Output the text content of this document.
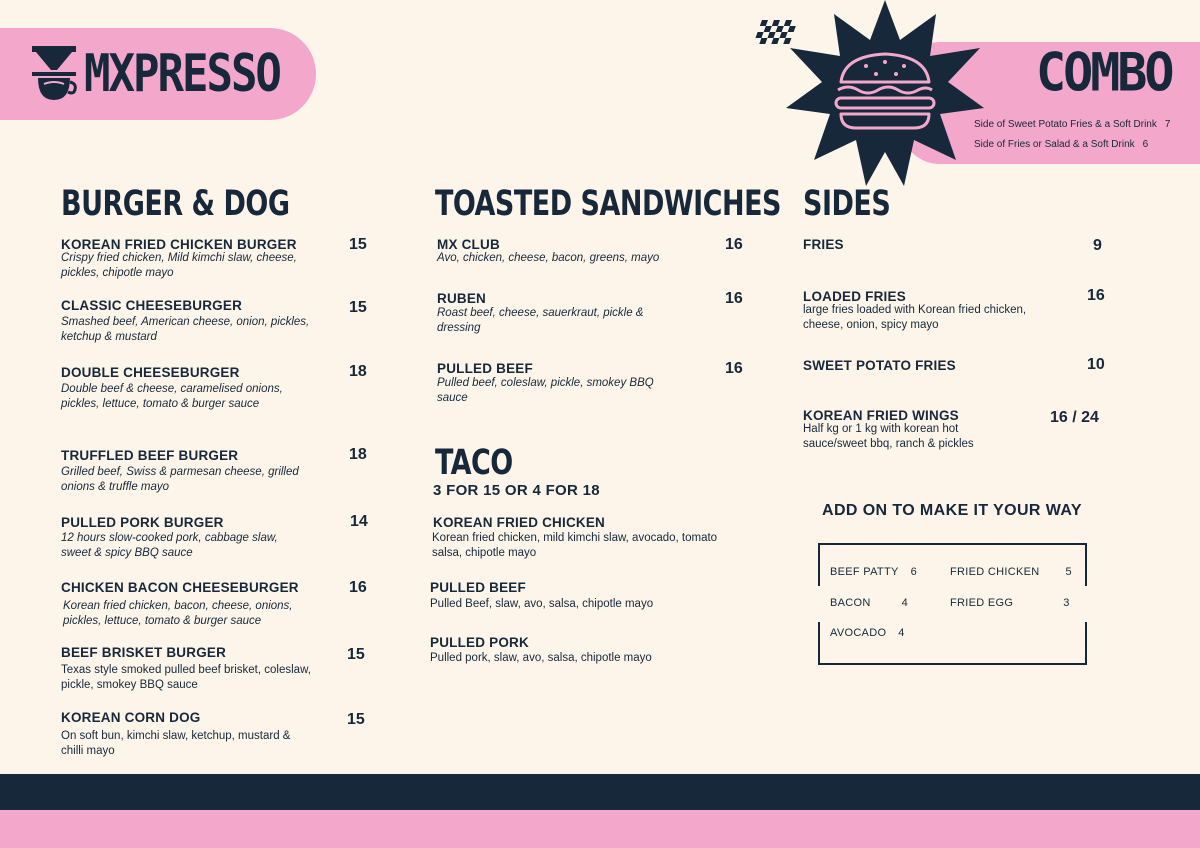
MXPRESSO	COMBO
Side of Sweet Potato Fries & a Soft Drink 7
Side of Fries or Salad & a Soft Drink 6
BURGER & DOG
KOREAN FRIED CHICKEN BURGER	15
Crispy fried chicken, Mild kimchi slaw, cheese, pickles, chipotle mayo
CLASSIC CHEESEBURGER	15
Smashed beef, American cheese, onion, pickles, ketchup & mustard
DOUBLE CHEESEBURGER	18
Double beef & cheese, caramelised onions, pickles, lettuce, tomato & burger sauce
TRUFFLED BEEF BURGER	18
Grilled beef, Swiss & parmesan cheese, grilled onions & truffle mayo
PULLED PORK BURGER	14
12 hours slow-cooked pork, cabbage slaw, sweet & spicy BBQ sauce
CHICKEN BACON CHEESEBURGER	16
Korean fried chicken, bacon, cheese, onions, pickles, lettuce, tomato & burger sauce
BEEF BRISKET BURGER	15
Texas style smoked pulled beef brisket, coleslaw, pickle, smokey BBQ sauce
KOREAN CORN DOG	15
On soft bun, kimchi slaw, ketchup, mustard & chilli mayo
TOASTED SANDWICHES
MX CLUB	16
Avo, chicken, cheese, bacon, greens, mayo
RUBEN	16
Roast beef, cheese, sauerkraut, pickle & dressing
PULLED BEEF	16
Pulled beef, coleslaw, pickle, smokey BBQ sauce
TACO
3 FOR 15 OR 4 FOR 18
KOREAN FRIED CHICKEN
Korean fried chicken, mild kimchi slaw, avocado, tomato salsa, chipotle mayo
PULLED BEEF
Pulled Beef, slaw, avo, salsa, chipotle mayo
PULLED PORK
Pulled pork, slaw, avo, salsa, chipotle mayo
SIDES
FRIES	9
LOADED FRIES	16
large fries loaded with Korean fried chicken, cheese, onion, spicy mayo
SWEET POTATO FRIES	10
KOREAN FRIED WINGS	16 / 24
Half kg or 1 kg with korean hot sauce/sweet bbq, ranch & pickles
ADD ON TO MAKE IT YOUR WAY
BEEF PATTY 6	FRIED CHICKEN 5
BACON	4	FRIED EGG	3
AVOCADO 4
